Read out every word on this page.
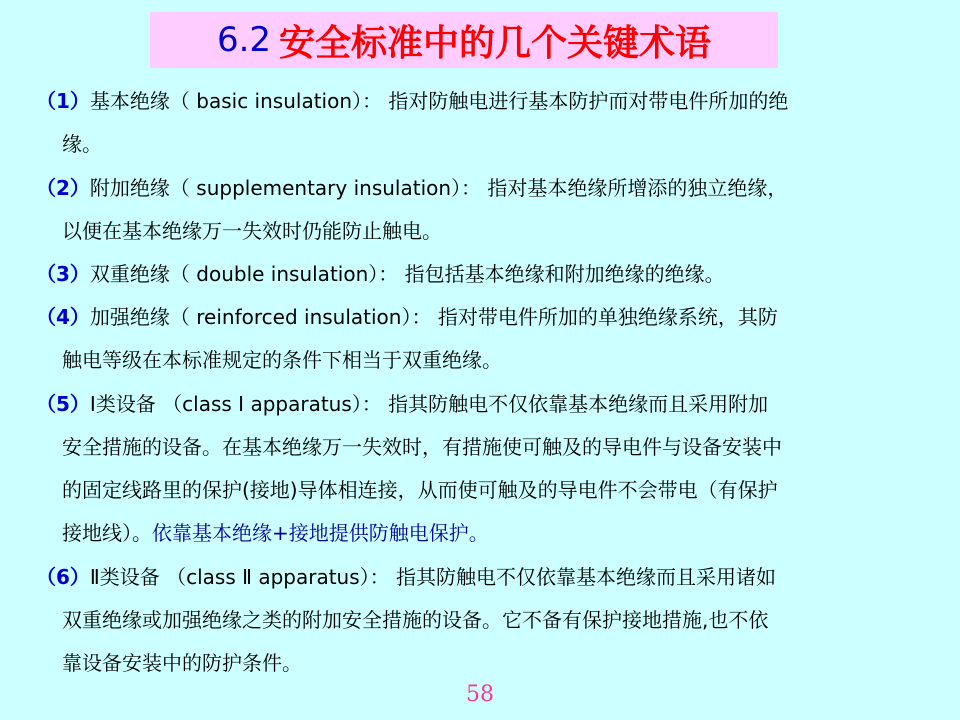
6.2 安全标准中的几个关键术语
（1）基本绝缘（ basic insulation）： 指对防触电进行基本防护而对带电件所加的绝
缘。
（2）附加绝缘（ supplementary insulation）： 指对基本绝缘所增添的独立绝缘，
以便在基本绝缘万一失效时仍能防止触电。
（3）双重绝缘（ double insulation）： 指包括基本绝缘和附加绝缘的绝缘。
（4）加强绝缘（ reinforced insulation）： 指对带电件所加的单独绝缘系统，其防
触电等级在本标准规定的条件下相当于双重绝缘。
（5）Ⅰ类设备 （class Ⅰ apparatus）： 指其防触电不仅依靠基本绝缘而且采用附加
安全措施的设备。在基本绝缘万一失效时，有措施使可触及的导电件与设备安装中
的固定线路里的保护(接地)导体相连接，从而使可触及的导电件不会带电（有保护
接地线）。依靠基本绝缘+接地提供防触电保护。
（6）Ⅱ类设备 （class Ⅱ apparatus）： 指其防触电不仅依靠基本绝缘而且采用诸如
双重绝缘或加强绝缘之类的附加安全措施的设备。它不备有保护接地措施,也不依
靠设备安装中的防护条件。
58
